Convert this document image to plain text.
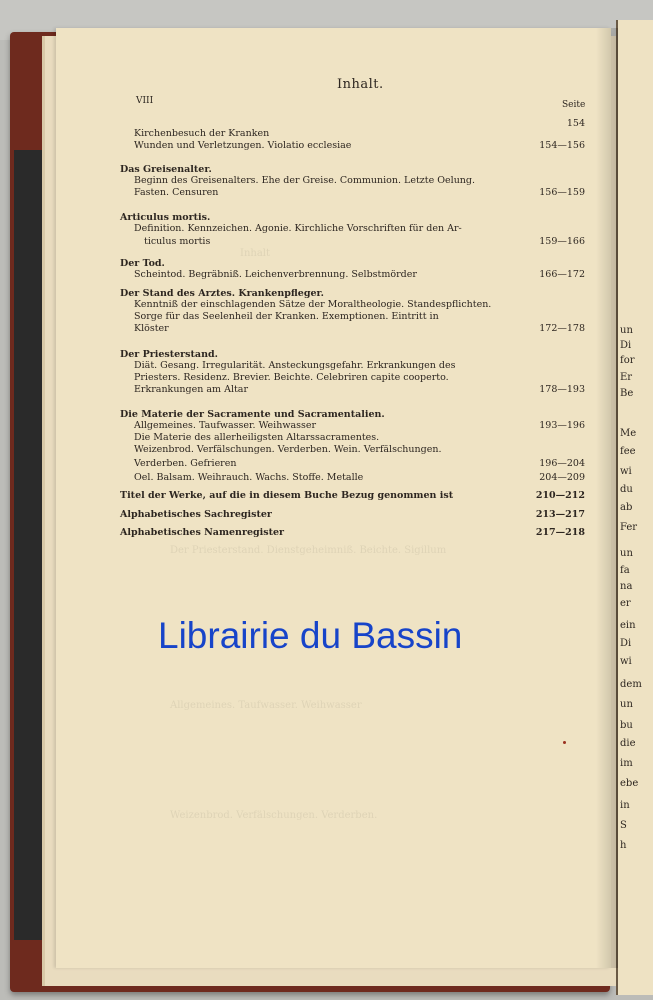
Inhalt
Der Priesterstand. Dienstgeheimniß. Beichte. Sigillum
Allgemeines. Taufwasser. Weihwasser
Weizenbrod. Verfälschungen. Verderben.
Inhalt.
VIII	Seite
154
Kirchenbesuch der Kranken
Wunden und Verletzungen. Violatio ecclesiae	154—156
Das Greisenalter.
Beginn des Greisenalters. Ehe der Greise. Communion. Letzte Oelung.
Fasten. Censuren	156—159
Articulus mortis.
Definition. Kennzeichen. Agonie. Kirchliche Vorschriften für den Ar-
ticulus mortis	159—166
Der Tod.
Scheintod. Begräbniß. Leichenverbrennung. Selbstmörder	166—172
Der Stand des Arztes. Krankenpfleger.
Kenntniß der einschlagenden Sätze der Moraltheologie. Standespflichten.
Sorge für das Seelenheil der Kranken. Exemptionen. Eintritt in
Klöster	172—178
Der Priesterstand.
Diät. Gesang. Irregularität. Ansteckungsgefahr. Erkrankungen des
Priesters. Residenz. Brevier. Beichte. Celebriren capite cooperto.
Erkrankungen am Altar	178—193
Die Materie der Sacramente und Sacramentalien.
Allgemeines. Taufwasser. Weihwasser	193—196
Die Materie des allerheiligsten Altarssacramentes.
Weizenbrod. Verfälschungen. Verderben. Wein. Verfälschungen.
Verderben. Gefrieren	196—204
Oel. Balsam. Weihrauch. Wachs. Stoffe. Metalle	204—209
Titel der Werke, auf die in diesem Buche Bezug genommen ist	210—212
Alphabetisches Sachregister	213—217
Alphabetisches Namenregister	217—218
un
Di
for
Er
Be
Me
fee
wi
du
ab
Fer
un
fa
na
er
ein
Di
wi
dem
un
bu
die
im
ebe
in
S
h
Librairie du Bassin
